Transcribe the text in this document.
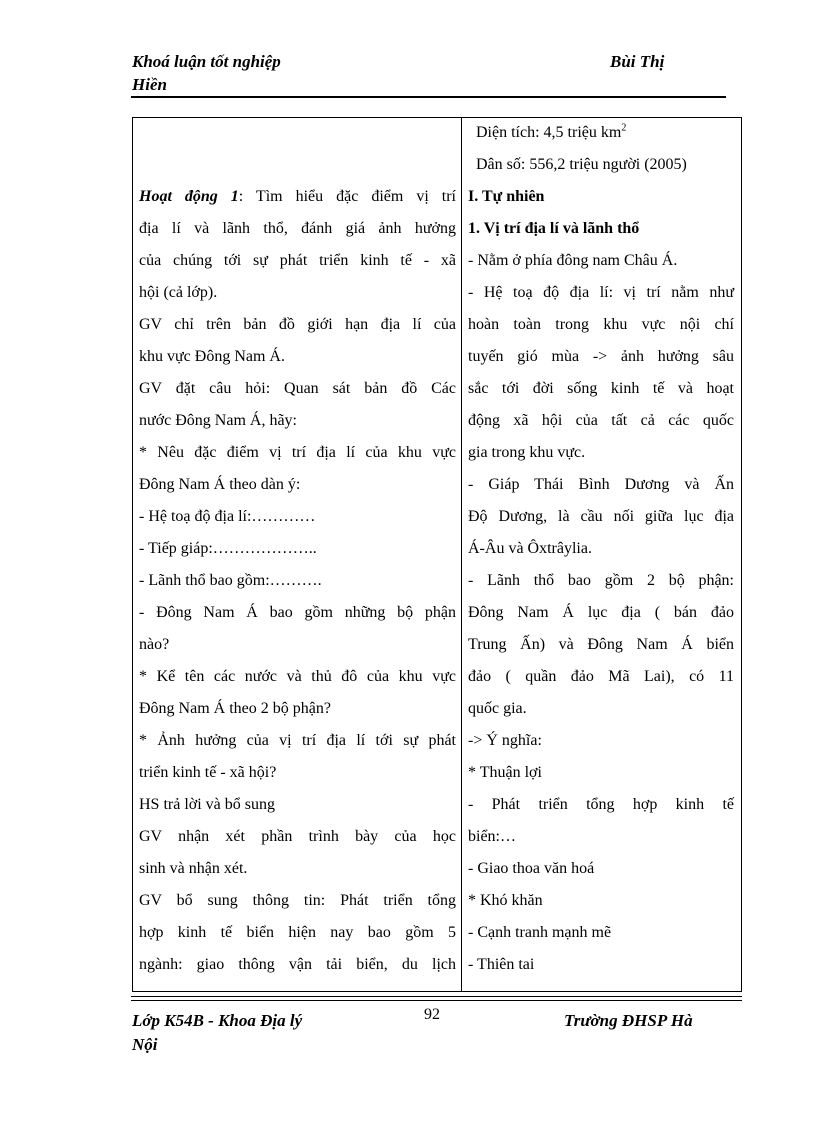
Khoá luận tốt nghiệp
Hiền
Bùi Thị
Hoạt động 1: Tìm hiểu đặc điểm vị trí
địa lí và lãnh thổ, đánh giá ảnh hưởng
của chúng tới sự phát triển kinh tế - xã
hội (cả lớp).
GV chỉ trên bản đồ giới hạn địa lí của
khu vực Đông Nam Á.
GV đặt câu hỏi: Quan sát bản đồ Các
nước Đông Nam Á, hãy:
* Nêu đặc điểm vị trí địa lí của khu vực
Đông Nam Á theo dàn ý:
- Hệ toạ độ địa lí:…………
- Tiếp giáp:………………..
- Lãnh thổ bao gồm:……….
- Đông Nam Á bao gồm những bộ phận
nào?
* Kể tên các nước và thủ đô của khu vực
Đông Nam Á theo 2 bộ phận?
* Ảnh hưởng của vị trí địa lí tới sự phát
triển kinh tế - xã hội?
HS trả lời và bổ sung
GV nhận xét phần trình bày của học
sinh và nhận xét.
GV bổ sung thông tin: Phát triển tổng
hợp kinh tế biển hiện nay bao gồm 5
ngành: giao thông vận tải biển, du lịch
Diện tích: 4,5 triệu $km^2$
Dân số: 556,2 triệu người (2005)
I. Tự nhiên
1. Vị trí địa lí và lãnh thổ
- Nằm ở phía đông nam Châu Á.
- Hệ toạ độ địa lí: vị trí nằm như
hoàn toàn trong khu vực nội chí
tuyến gió mùa -> ảnh hưởng sâu
sắc tới đời sống kinh tế và hoạt
động xã hội của tất cả các quốc
gia trong khu vực.
- Giáp Thái Bình Dương và Ấn
Độ Dương, là cầu nối giữa lục địa
Á-Âu và Ôxtrâylia.
- Lãnh thổ bao gồm 2 bộ phận:
Đông Nam Á lục địa ( bán đảo
Trung Ấn) và Đông Nam Á biển
đảo ( quần đảo Mã Lai), có 11
quốc gia.
-> Ý nghĩa:
* Thuận lợi
- Phát triển tổng hợp kinh tế
biển:…
- Giao thoa văn hoá
* Khó khăn
- Cạnh tranh mạnh mẽ
- Thiên tai
Lớp K54B - Khoa Địa lý
Nội
92	Trường ĐHSP Hà
